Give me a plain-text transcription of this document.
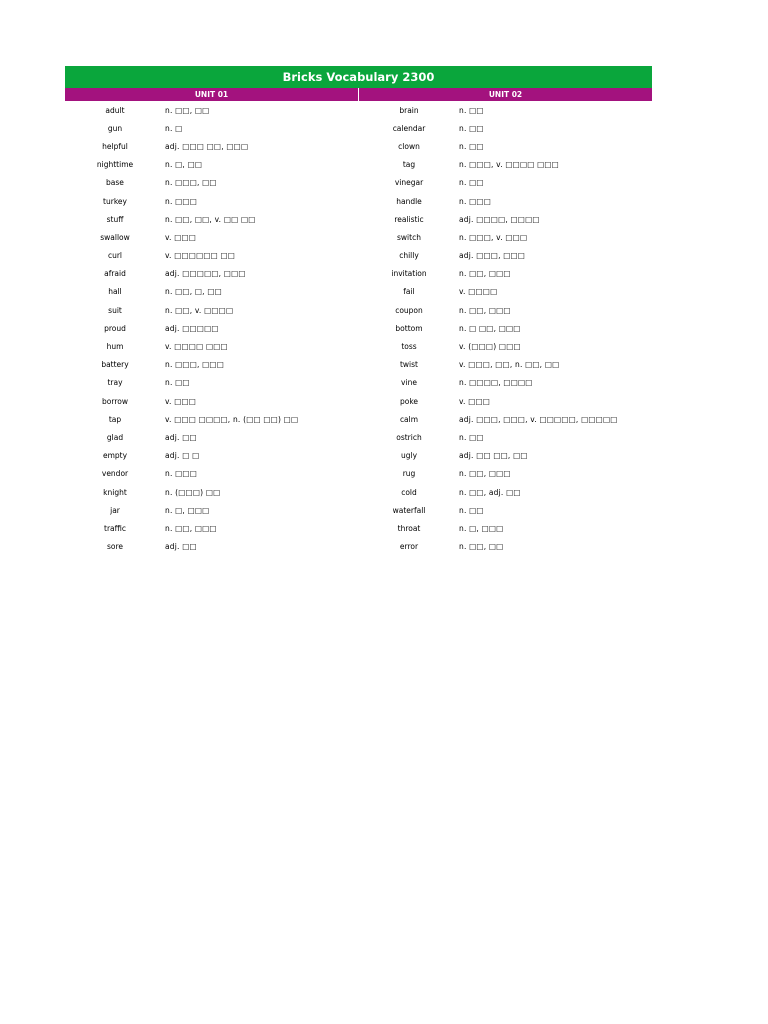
Bricks Vocabulary 2300
UNIT 01	UNIT 02
adult	n. □□, □□
gun	n. □
helpful	adj. □□□ □□, □□□
nighttime	n. □, □□
base	n. □□□, □□
turkey	n. □□□
stuff	n. □□, □□, v. □□ □□
swallow	v. □□□
curl	v. □□□□□□ □□
afraid	adj. □□□□□, □□□
hall	n. □□, □, □□
suit	n. □□, v. □□□□
proud	adj. □□□□□
hum	v. □□□□ □□□
battery	n. □□□, □□□
tray	n. □□
borrow	v. □□□
tap	v. □□□ □□□□, n. (□□ □□) □□
glad	adj. □□
empty	adj. □ □
vendor	n. □□□
knight	n. (□□□) □□
jar	n. □, □□□
traffic	n. □□, □□□
sore	adj. □□
brain	n. □□
calendar	n. □□
clown	n. □□
tag	n. □□□, v. □□□□ □□□
vinegar	n. □□
handle	n. □□□
realistic	adj. □□□□, □□□□
switch	n. □□□, v. □□□
chilly	adj. □□□, □□□
invitation	n. □□, □□□
fail	v. □□□□
coupon	n. □□, □□□
bottom	n. □ □□, □□□
toss	v. (□□□) □□□
twist	v. □□□, □□, n. □□, □□
vine	n. □□□□, □□□□
poke	v. □□□
calm	adj. □□□, □□□, v. □□□□□, □□□□□
ostrich	n. □□
ugly	adj. □□ □□, □□
rug	n. □□, □□□
cold	n. □□, adj. □□
waterfall	n. □□
throat	n. □, □□□
error	n. □□, □□
